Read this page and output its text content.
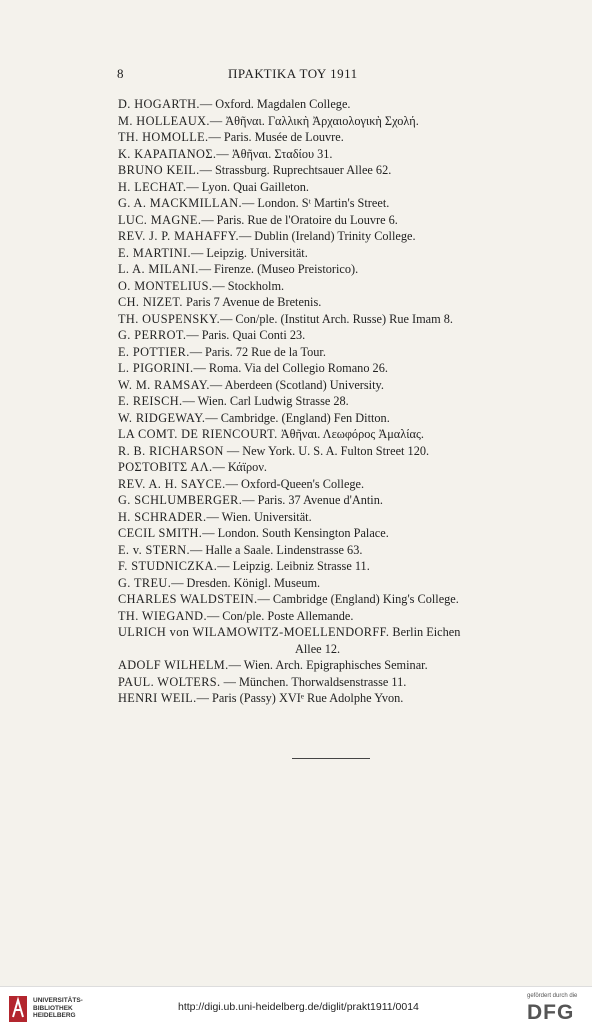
8	ΠΡΑΚΤΙΚΑ ΤΟΥ 1911
D. HOGARTH.— Oxford. Magdalen College.
M. HOLLEAUX.— Ἀθῆναι. Γαλλικὴ Ἀρχαιολογικὴ Σχολή.
TH. HOMOLLE.— Paris. Musée de Louvre.
K. ΚΑΡΑΠΑΝΟΣ.— Ἀθῆναι. Σταδίου 31.
BRUNO KEIL.— Strassburg. Ruprechtsauer Allee 62.
H. LECHAT.— Lyon. Quai Gailleton.
G. A. MACKMILLAN.— London. Sᵗ Martin's Street.
LUC. MAGNE.— Paris. Rue de l'Oratoire du Louvre 6.
REV. J. P. MAHAFFY.— Dublin (Ireland) Trinity College.
E. MARTINI.— Leipzig. Universität.
L. A. MILANI.— Firenze. (Museo Preistorico).
O. MONTELIUS.— Stockholm.
CH. NIZET. Paris 7 Avenue de Bretenis.
TH. OUSPENSKY.— Con/ple. (Institut Arch. Russe) Rue Imam 8.
G. PERROT.— Paris. Quai Conti 23.
E. POTTIER.— Paris. 72 Rue de la Tour.
L. PIGORINI.— Roma. Via del Collegio Romano 26.
W. M. RAMSAY.— Aberdeen (Scotland) University.
E. REISCH.— Wien. Carl Ludwig Strasse 28.
W. RIDGEWAY.— Cambridge. (England) Fen Ditton.
LA COMT. DE RIENCOURT. Ἀθῆναι. Λεωφόρος Ἀμαλίας.
R. B. RICHARSON — New York. U. S. A. Fulton Street 120.
ΡΟΣΤΟΒΙΤΣ ΑΛ.— Κάϊρον.
REV. A. H. SAYCE.— Oxford-Queen's College.
G. SCHLUMBERGER.— Paris. 37 Avenue d'Antin.
H. SCHRADER.— Wien. Universität.
CECIL SMITH.— London. South Kensington Palace.
E. v. STERN.— Halle a Saale. Lindenstrasse 63.
F. STUDNICZKA.— Leipzig. Leibniz Strasse 11.
G. TREU.— Dresden. Königl. Museum.
CHARLES WALDSTEIN.— Cambridge (England) King's College.
TH. WIEGAND.— Con/ple. Poste Allemande.
ULRICH von WILAMOWITZ-MOELLENDORFF. Berlin Eichen
Allee 12.
ADOLF WILHELM.— Wien. Arch. Epigraphisches Seminar.
PAUL. WOLTERS. — München. Thorwaldsenstrasse 11.
HENRI WEIL.— Paris (Passy) XVIᵉ Rue Adolphe Yvon.
UNIVERSITÄTS-
BIBLIOTHEK
HEIDELBERG
http://digi.ub.uni-heidelberg.de/diglit/prakt1911/0014
gefördert durch die
DFG
